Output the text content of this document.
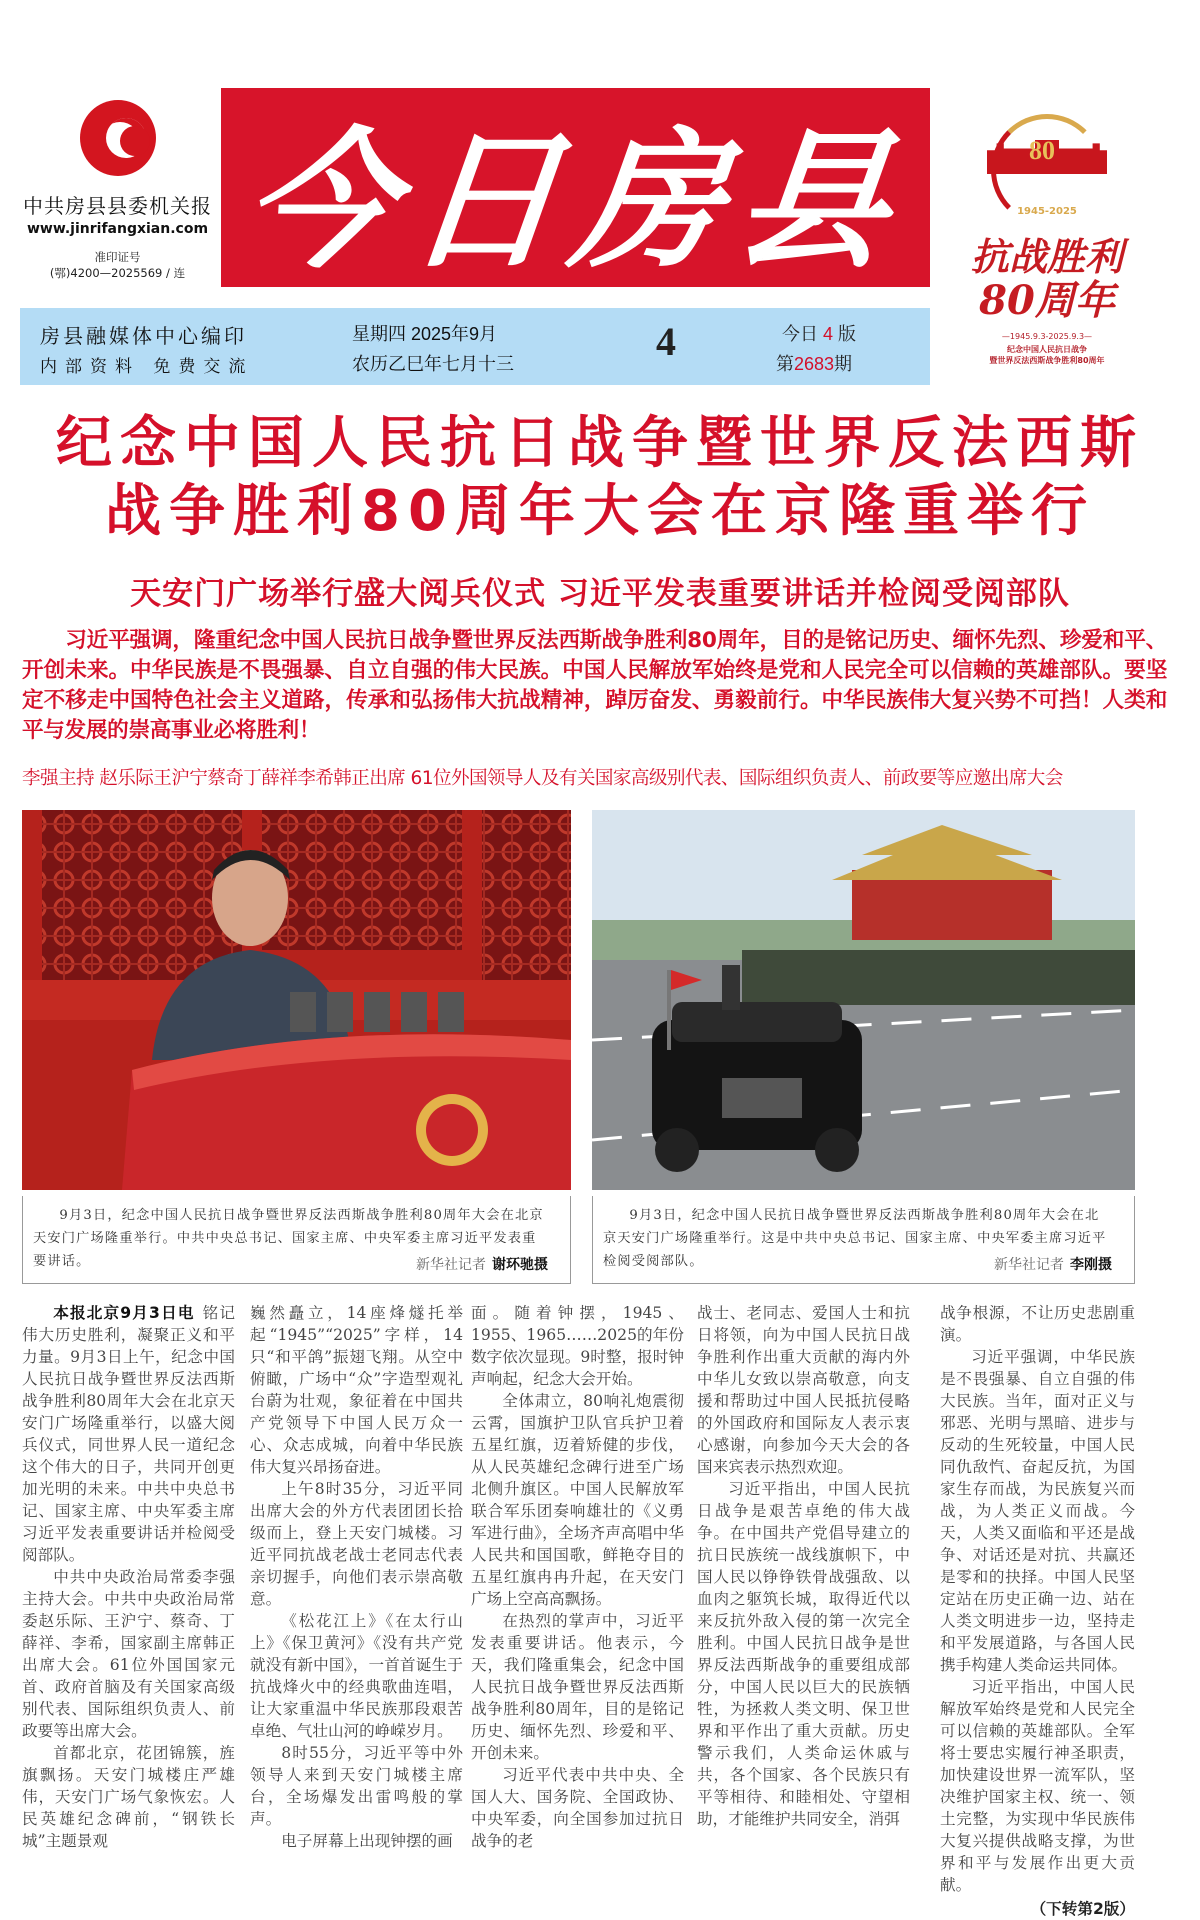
中共房县县委机关报
www.jinrifangxian.com
准印证号
(鄂)4200—2025569 / 连 今日房县
房县融媒体中心编印
内部资料 免费交流
星期四 2025年9月
农历乙巳年七月十三	4	今日 4 版
第2683期
80
1945-2025
抗战胜利
80周年
—1945.9.3-2025.9.3—
纪念中国人民抗日战争
暨世界反法西斯战争胜利80周年
纪念中国人民抗日战争暨世界反法西斯
战争胜利80周年大会在京隆重举行
天安门广场举行盛大阅兵仪式 习近平发表重要讲话并检阅受阅部队
习近平强调，隆重纪念中国人民抗日战争暨世界反法西斯战争胜利80周年，目的是铭记历史、缅怀先烈、珍爱和平、开创未来。中华民族是不畏强暴、自立自强的伟大民族。中国人民解放军始终是党和人民完全可以信赖的英雄部队。要坚定不移走中国特色社会主义道路，传承和弘扬伟大抗战精神，踔厉奋发、勇毅前行。中华民族伟大复兴势不可挡！人类和平与发展的崇高事业必将胜利！
李强主持 赵乐际王沪宁蔡奇丁薛祥李希韩正出席 61位外国领导人及有关国家高级别代表、国际组织负责人、前政要等应邀出席大会
9月3日，纪念中国人民抗日战争暨世界反法西斯战争胜利80周年大会在北京天安门广场隆重举行。中共中央总书记、国家主席、中央军委主席习近平发表重要讲话。	新华社记者 谢环驰摄
9月3日，纪念中国人民抗日战争暨世界反法西斯战争胜利80周年大会在北京天安门广场隆重举行。这是中共中央总书记、国家主席、中央军委主席习近平检阅受阅部队。	新华社记者 李刚摄

本报北京9月3日电 铭记伟大历史胜利，凝聚正义和平力量。9月3日上午，纪念中国人民抗日战争暨世界反法西斯战争胜利80周年大会在北京天安门广场隆重举行，以盛大阅兵仪式，同世界人民一道纪念这个伟大的日子，共同开创更加光明的未来。中共中央总书记、国家主席、中央军委主席习近平发表重要讲话并检阅受阅部队。

中共中央政治局常委李强主持大会。中共中央政治局常委赵乐际、王沪宁、蔡奇、丁薛祥、李希，国家副主席韩正出席大会。61位外国国家元首、政府首脑及有关国家高级别代表、国际组织负责人、前政要等出席大会。

首都北京，花团锦簇，旌旗飘扬。天安门城楼庄严雄伟，天安门广场气象恢宏。人民英雄纪念碑前，“钢铁长城”主题景观

巍然矗立，14座烽燧托举起“1945”“2025”字样，14只“和平鸽”振翅飞翔。从空中俯瞰，广场中“众”字造型观礼台蔚为壮观，象征着在中国共产党领导下中国人民万众一心、众志成城，向着中华民族伟大复兴昂扬奋进。

上午8时35分，习近平同出席大会的外方代表团团长拾级而上，登上天安门城楼。习近平同抗战老战士老同志代表亲切握手，向他们表示崇高敬意。

《松花江上》《在太行山上》《保卫黄河》《没有共产党就没有新中国》，一首首诞生于抗战烽火中的经典歌曲连唱，让大家重温中华民族那段艰苦卓绝、气壮山河的峥嵘岁月。

8时55分，习近平等中外领导人来到天安门城楼主席台，全场爆发出雷鸣般的掌声。

电子屏幕上出现钟摆的画

面。随着钟摆，1945、1955、1965……2025的年份数字依次显现。9时整，报时钟声响起，纪念大会开始。

全体肃立，80响礼炮震彻云霄，国旗护卫队官兵护卫着五星红旗，迈着矫健的步伐，从人民英雄纪念碑行进至广场北侧升旗区。中国人民解放军联合军乐团奏响雄壮的《义勇军进行曲》，全场齐声高唱中华人民共和国国歌，鲜艳夺目的五星红旗冉冉升起，在天安门广场上空高高飘扬。

在热烈的掌声中，习近平发表重要讲话。他表示，今天，我们隆重集会，纪念中国人民抗日战争暨世界反法西斯战争胜利80周年，目的是铭记历史、缅怀先烈、珍爱和平、开创未来。

习近平代表中共中央、全国人大、国务院、全国政协、中央军委，向全国参加过抗日战争的老

战士、老同志、爱国人士和抗日将领，向为中国人民抗日战争胜利作出重大贡献的海内外中华儿女致以崇高敬意，向支援和帮助过中国人民抵抗侵略的外国政府和国际友人表示衷心感谢，向参加今天大会的各国来宾表示热烈欢迎。

习近平指出，中国人民抗日战争是艰苦卓绝的伟大战争。在中国共产党倡导建立的抗日民族统一战线旗帜下，中国人民以铮铮铁骨战强敌、以血肉之躯筑长城，取得近代以来反抗外敌入侵的第一次完全胜利。中国人民抗日战争是世界反法西斯战争的重要组成部分，中国人民以巨大的民族牺牲，为拯救人类文明、保卫世界和平作出了重大贡献。历史警示我们，人类命运休戚与共，各个国家、各个民族只有平等相待、和睦相处、守望相助，才能维护共同安全，消弭

战争根源，不让历史悲剧重演。

习近平强调，中华民族是不畏强暴、自立自强的伟大民族。当年，面对正义与邪恶、光明与黑暗、进步与反动的生死较量，中国人民同仇敌忾、奋起反抗，为国家生存而战，为民族复兴而战，为人类正义而战。今天，人类又面临和平还是战争、对话还是对抗、共赢还是零和的抉择。中国人民坚定站在历史正确一边、站在人类文明进步一边，坚持走和平发展道路，与各国人民携手构建人类命运共同体。

习近平指出，中国人民解放军始终是党和人民完全可以信赖的英雄部队。全军将士要忠实履行神圣职责，加快建设世界一流军队，坚决维护国家主权、统一、领土完整，为实现中华民族伟大复兴提供战略支撑，为世界和平与发展作出更大贡献。

（下转第2版）
